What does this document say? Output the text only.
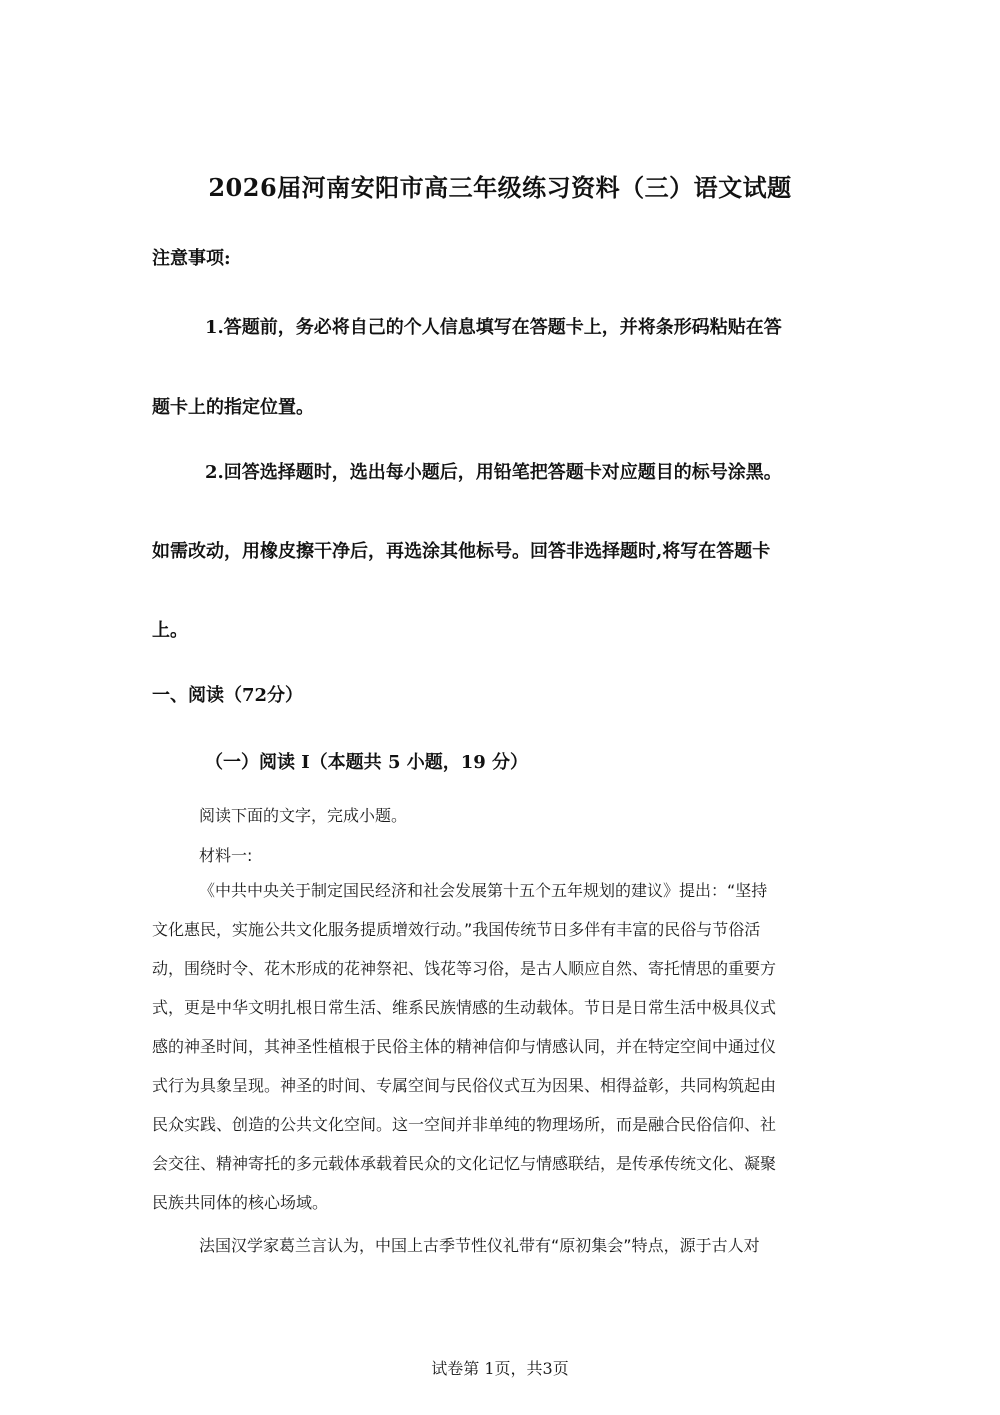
2026届河南安阳市高三年级练习资料（三）语文试题
注意事项:
1.答题前，务必将自己的个人信息填写在答题卡上，并将条形码粘贴在答
题卡上的指定位置。
2.回答选择题时，选出每小题后，用铅笔把答题卡对应题目的标号涂黑。
如需改动，用橡皮擦干净后，再选涂其他标号。回答非选择题时,将写在答题卡
上。
一、阅读（72分）
（一）阅读 I（本题共 5 小题，19 分）
阅读下面的文字，完成小题。
材料一:
《中共中央关于制定国民经济和社会发展第十五个五年规划的建议》提出：“坚持
文化惠民，实施公共文化服务提质增效行动。”我国传统节日多伴有丰富的民俗与节俗活
动，围绕时令、花木形成的花神祭祀、饯花等习俗，是古人顺应自然、寄托情思的重要方
式，更是中华文明扎根日常生活、维系民族情感的生动载体。节日是日常生活中极具仪式
感的神圣时间，其神圣性植根于民俗主体的精神信仰与情感认同，并在特定空间中通过仪
式行为具象呈现。神圣的时间、专属空间与民俗仪式互为因果、相得益彰，共同构筑起由
民众实践、创造的公共文化空间。这一空间并非单纯的物理场所，而是融合民俗信仰、社
会交往、精神寄托的多元载体承载着民众的文化记忆与情感联结，是传承传统文化、凝聚
民族共同体的核心场域。
法国汉学家葛兰言认为，中国上古季节性仪礼带有“原初集会”特点，源于古人对
试卷第 1页，共3页
